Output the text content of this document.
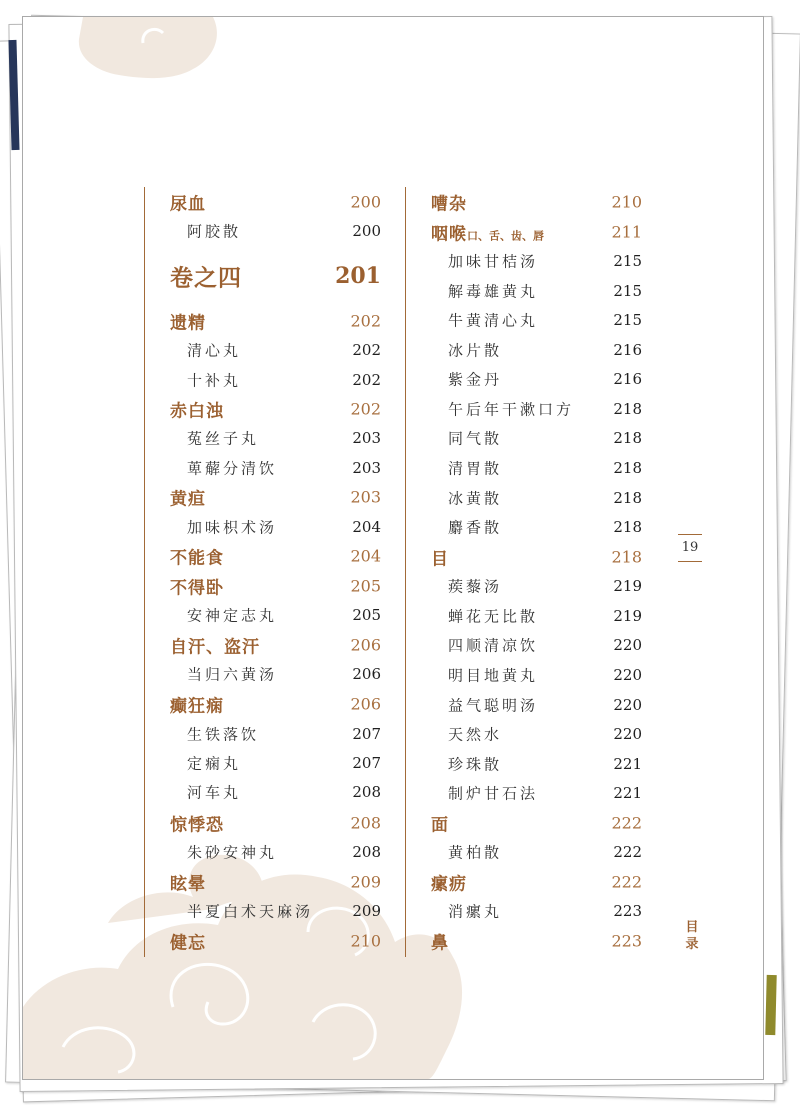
尿血	200
阿胶散	200
卷之四	201
遗精	202
清心丸	202
十补丸	202
赤白浊	202
菟丝子丸	203
萆薢分清饮	203
黄疸	203
加味枳术汤	204
不能食	204
不得卧	205
安神定志丸	205
自汗、盗汗	206
当归六黄汤	206
癫狂痫	206
生铁落饮	207
定痫丸	207
河车丸	208
惊悸恐	208
朱砂安神丸	208
眩晕	209
半夏白术天麻汤	209
健忘	210
嘈杂	210
咽喉口、舌、齿、唇	211
加味甘桔汤	215
解毒雄黄丸	215
牛黄清心丸	215
冰片散	216
紫金丹	216
午后年干漱口方	218
同气散	218
清胃散	218
冰黄散	218
麝香散	218
目	218
蒺藜汤	219
蝉花无比散	219
四顺清凉饮	220
明目地黄丸	220
益气聪明汤	220
天然水	220
珍珠散	221
制炉甘石法	221
面	222
黄柏散	222
瘰疬	222
消瘰丸	223
鼻	223
19
目录
